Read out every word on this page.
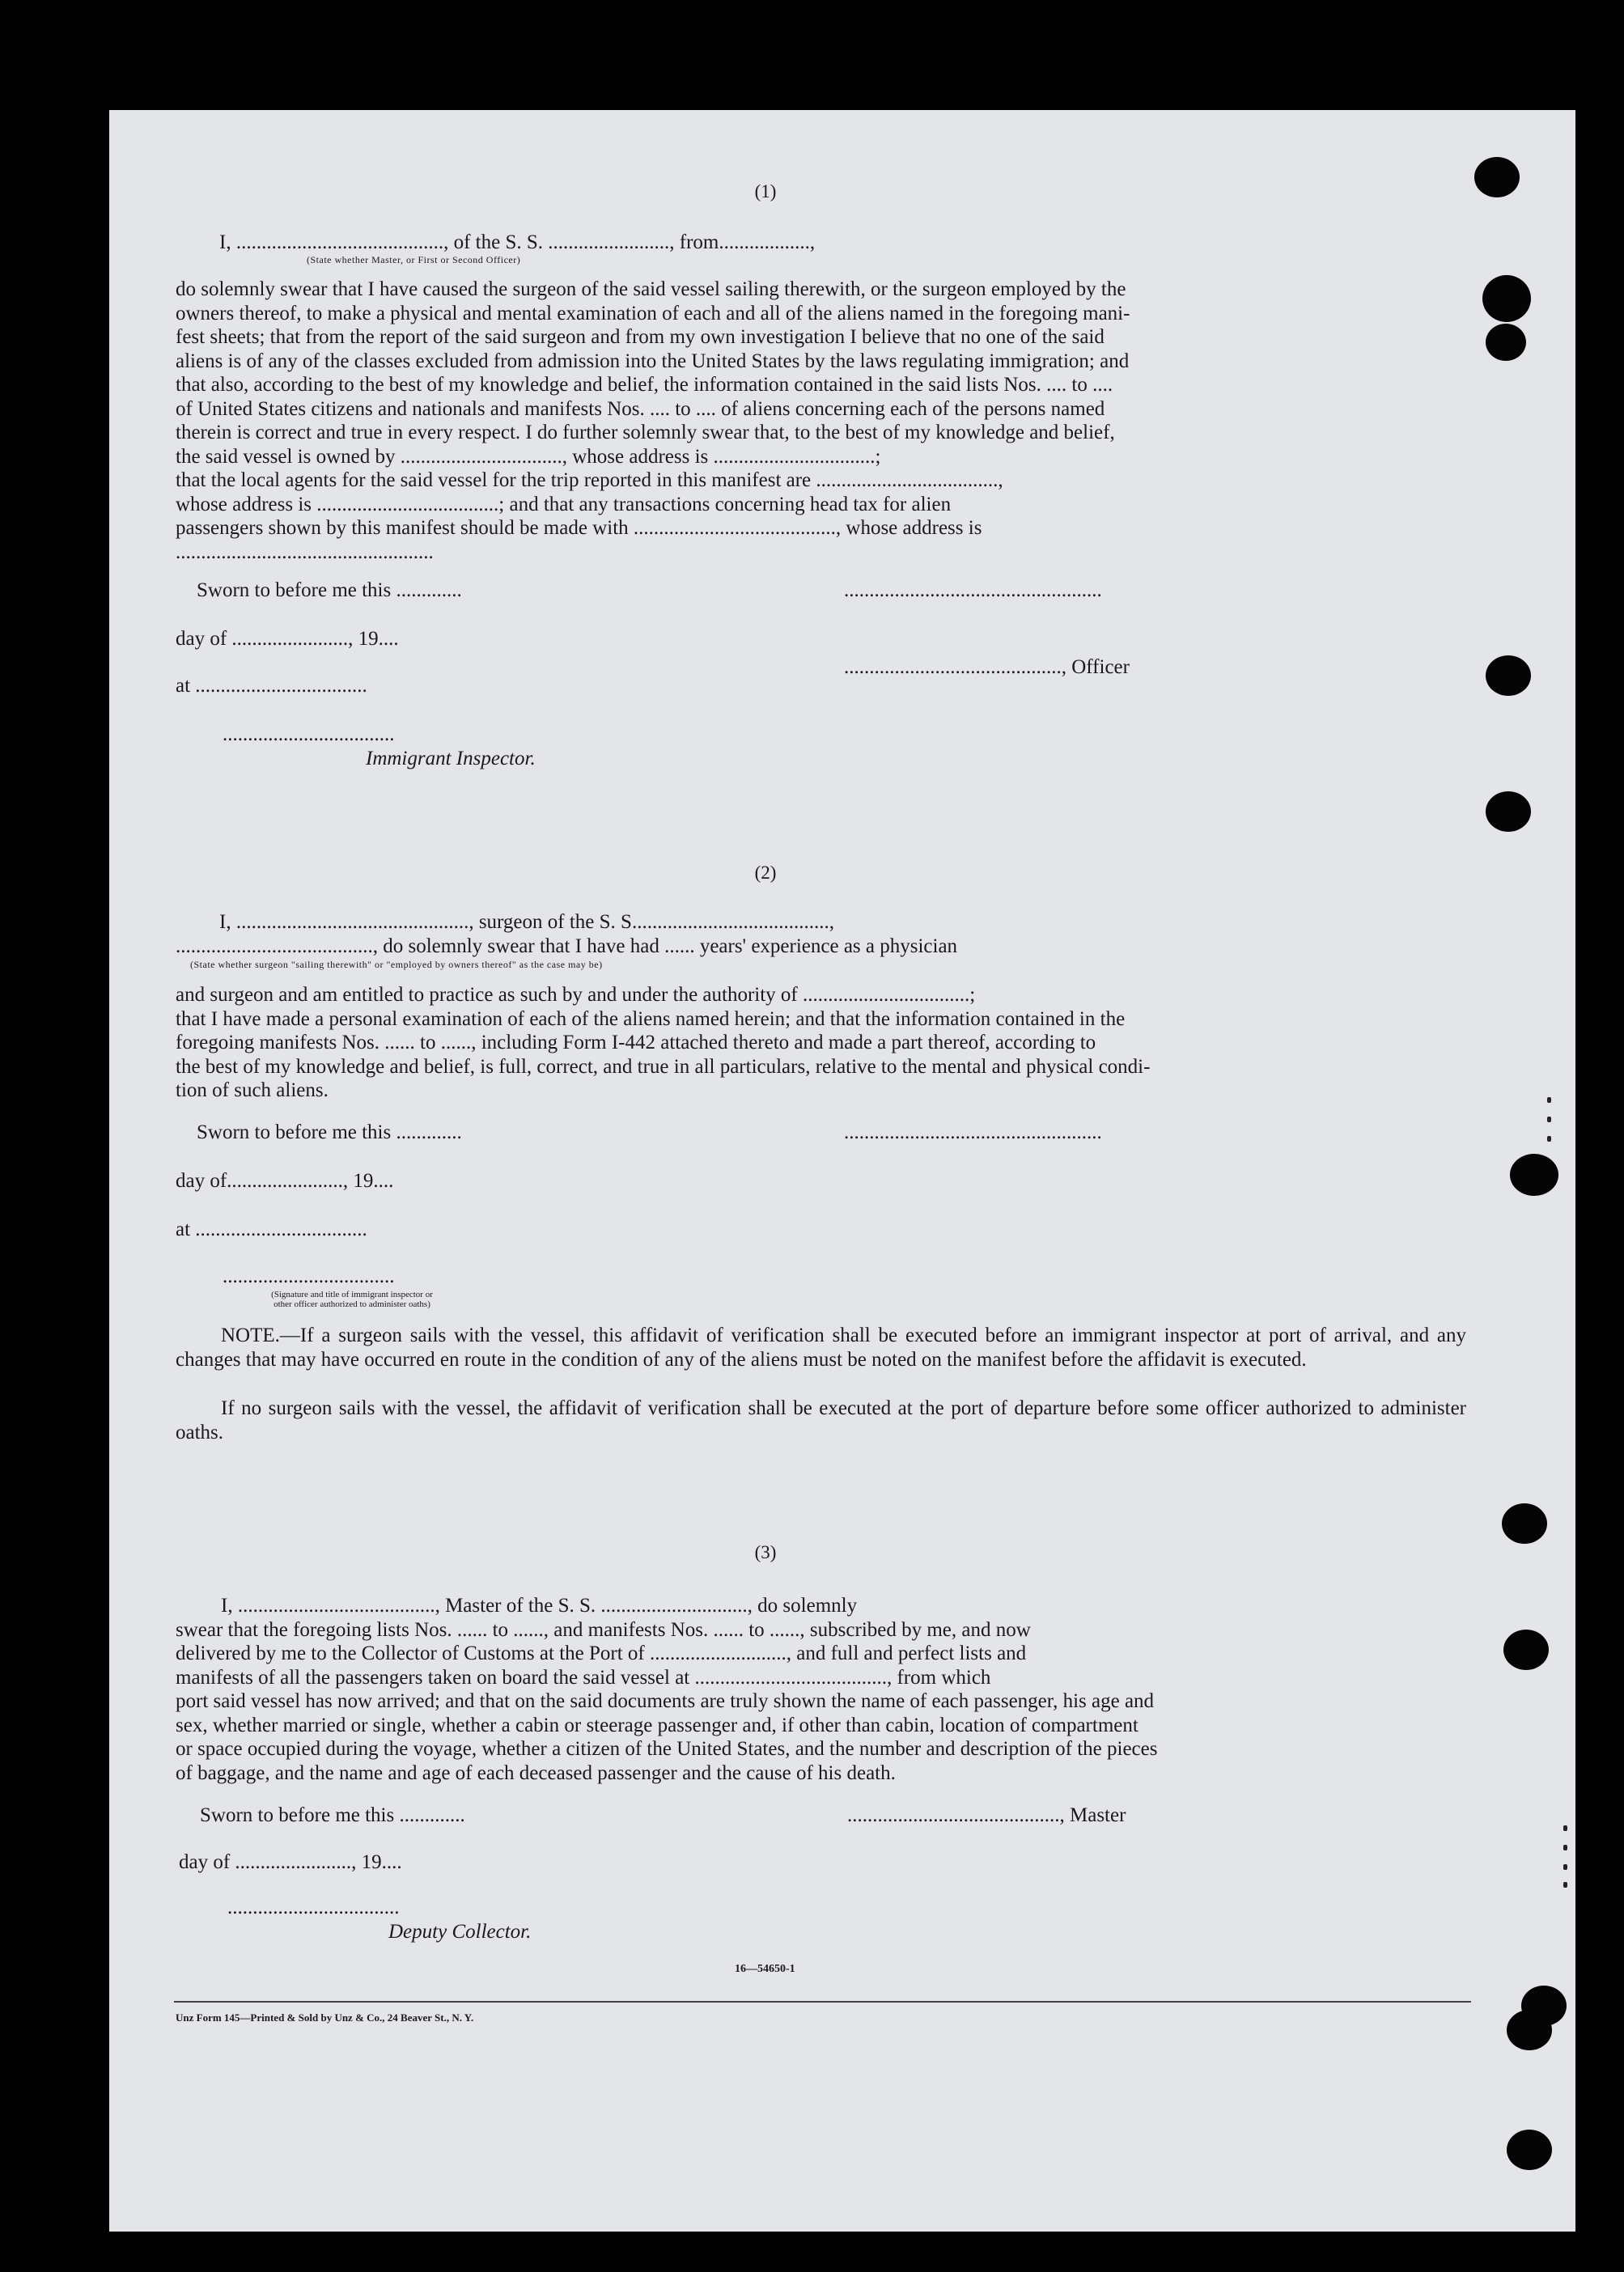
(1)
I, ........................................., of the S. S. ........................, from..................,
(State whether Master, or First or Second Officer)
do solemnly swear that I have caused the surgeon of the said vessel sailing therewith, or the surgeon employed by the
owners thereof, to make a physical and mental examination of each and all of the aliens named in the foregoing mani-
fest sheets; that from the report of the said surgeon and from my own investigation I believe that no one of the said
aliens is of any of the classes excluded from admission into the United States by the laws regulating immigration; and
that also, according to the best of my knowledge and belief, the information contained in the said lists Nos. .... to ....
of United States citizens and nationals and manifests Nos. .... to .... of aliens concerning each of the persons named
therein is correct and true in every respect. I do further solemnly swear that, to the best of my knowledge and belief,
the said vessel is owned by ................................, whose address is ................................;
that the local agents for the said vessel for the trip reported in this manifest are ....................................,
whose address is ....................................; and that any transactions concerning head tax for alien
passengers shown by this manifest should be made with ........................................, whose address is
...................................................
Sworn to before me this .............	...................................................
day of ......................., 19....
..........................................., Officer
at ..................................
..................................
Immigrant Inspector.
(2)
I, .............................................., surgeon of the S. S.......................................,
......................................., do solemnly swear that I have had ...... years' experience as a physician
(State whether surgeon "sailing therewith" or "employed by owners thereof" as the case may be)
and surgeon and am entitled to practice as such by and under the authority of .................................;
that I have made a personal examination of each of the aliens named herein; and that the information contained in the
foregoing manifests Nos. ...... to ......, including Form I-442 attached thereto and made a part thereof, according to
the best of my knowledge and belief, is full, correct, and true in all particulars, relative to the mental and physical condi-
tion of such aliens.
Sworn to before me this .............	...................................................
day of......................., 19....
at ..................................
..................................
(Signature and title of immigrant inspector or
other officer authorized to administer oaths)
NOTE.—If a surgeon sails with the vessel, this affidavit of verification shall be executed before an immigrant inspector at port of arrival, and any changes that may have occurred en route in the condition of any of the aliens must be noted on the manifest before the affidavit is executed.
If no surgeon sails with the vessel, the affidavit of verification shall be executed at the port of departure before some officer authorized to administer oaths.
(3)
I, ......................................., Master of the S. S. ............................., do solemnly
swear that the foregoing lists Nos. ...... to ......, and manifests Nos. ...... to ......, subscribed by me, and now
delivered by me to the Collector of Customs at the Port of ..........................., and full and perfect lists and
manifests of all the passengers taken on board the said vessel at ......................................, from which
port said vessel has now arrived; and that on the said documents are truly shown the name of each passenger, his age and
sex, whether married or single, whether a cabin or steerage passenger and, if other than cabin, location of compartment
or space occupied during the voyage, whether a citizen of the United States, and the number and description of the pieces
of baggage, and the name and age of each deceased passenger and the cause of his death.
Sworn to before me this .............	.........................................., Master
day of ......................., 19....
..................................
Deputy Collector.
16—54650-1
Unz Form 145—Printed & Sold by Unz & Co., 24 Beaver St., N. Y.
